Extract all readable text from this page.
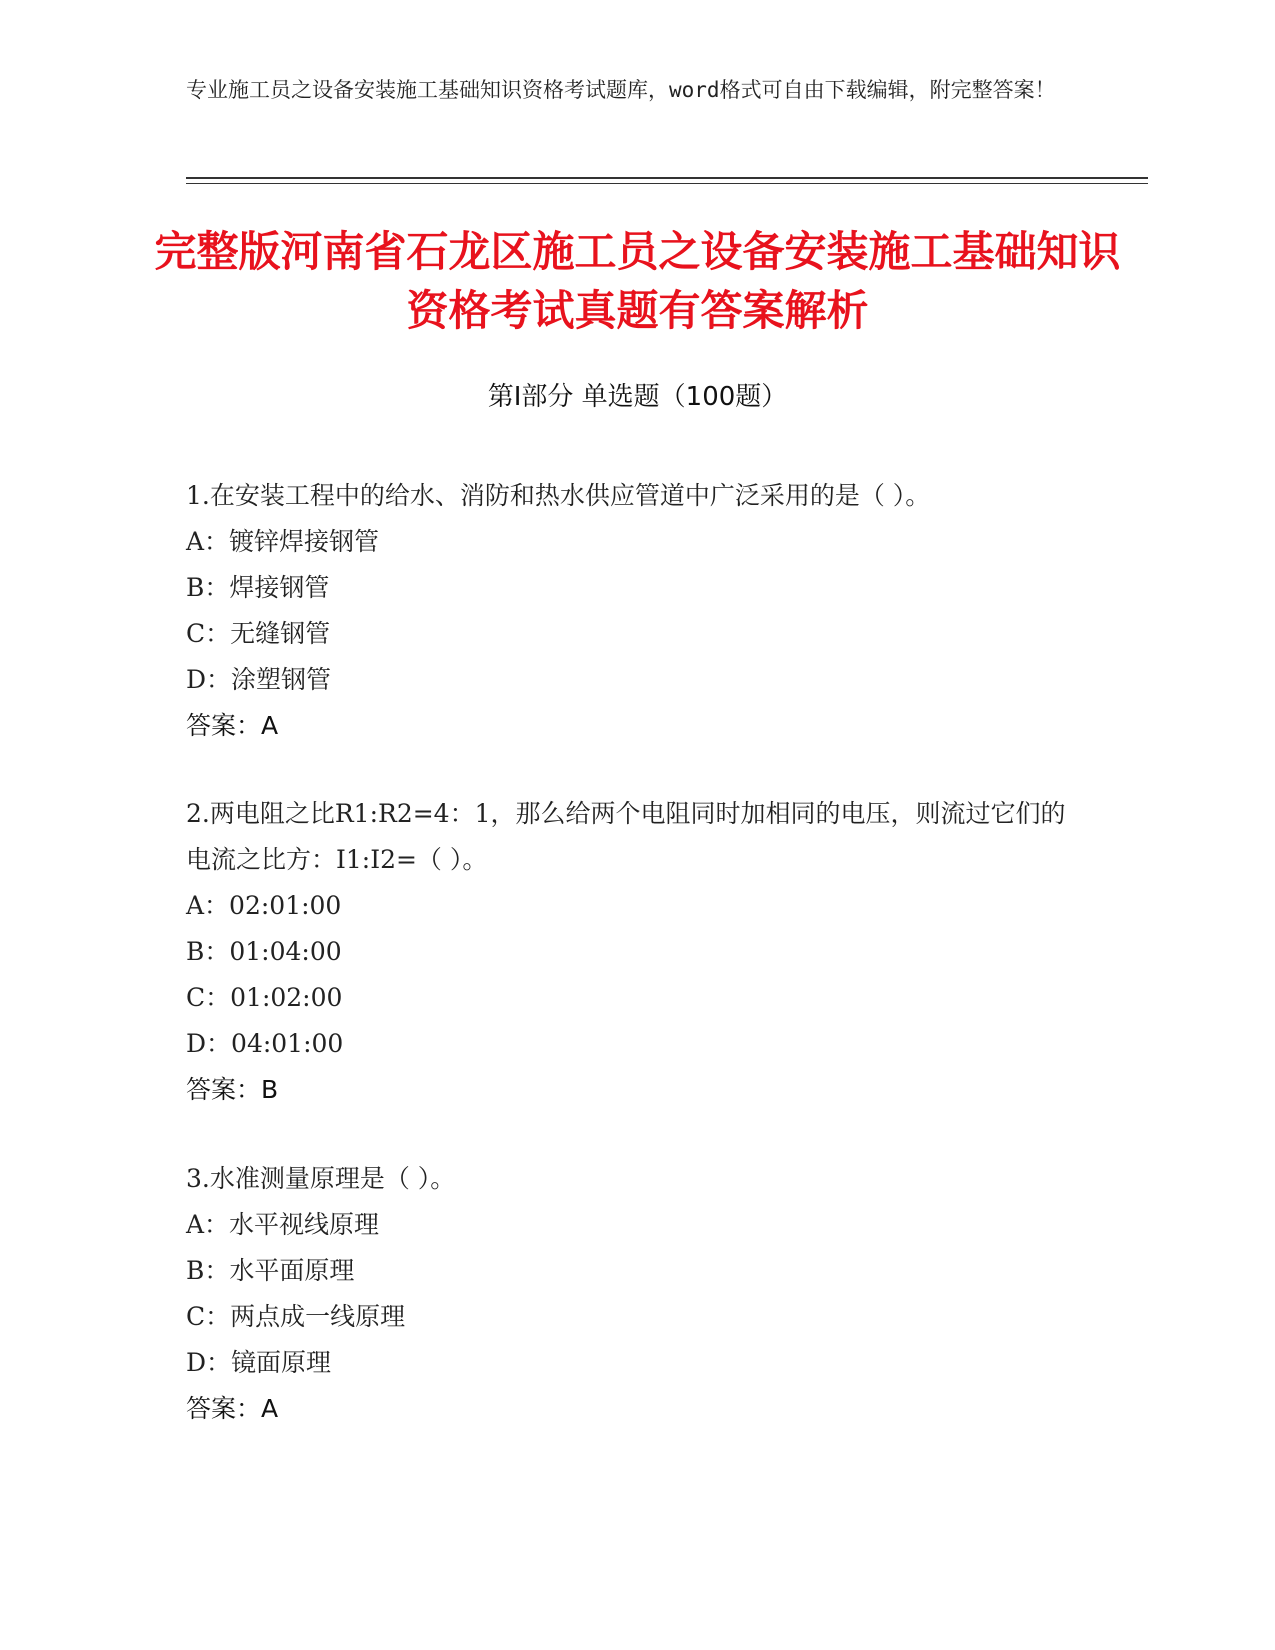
专业施工员之设备安装施工基础知识资格考试题库，word格式可自由下载编辑，附完整答案！
完整版河南省石龙区施工员之设备安装施工基础知识资格考试真题有答案解析
第Ⅰ部分 单选题（100题）

1.在安装工程中的给水、消防和热水供应管道中广泛采用的是（ ）。

A：镀锌焊接钢管

B：焊接钢管

C：无缝钢管

D：涂塑钢管

答案：A

2.两电阻之比R1:R2=4：1，那么给两个电阻同时加相同的电压，则流过它们的电流之比方：I1:I2=（ ）。

A：02:01:00

B：01:04:00

C：01:02:00

D：04:01:00

答案：B

3.水准测量原理是（ ）。

A：水平视线原理

B：水平面原理

C：两点成一线原理

D：镜面原理

答案：A
